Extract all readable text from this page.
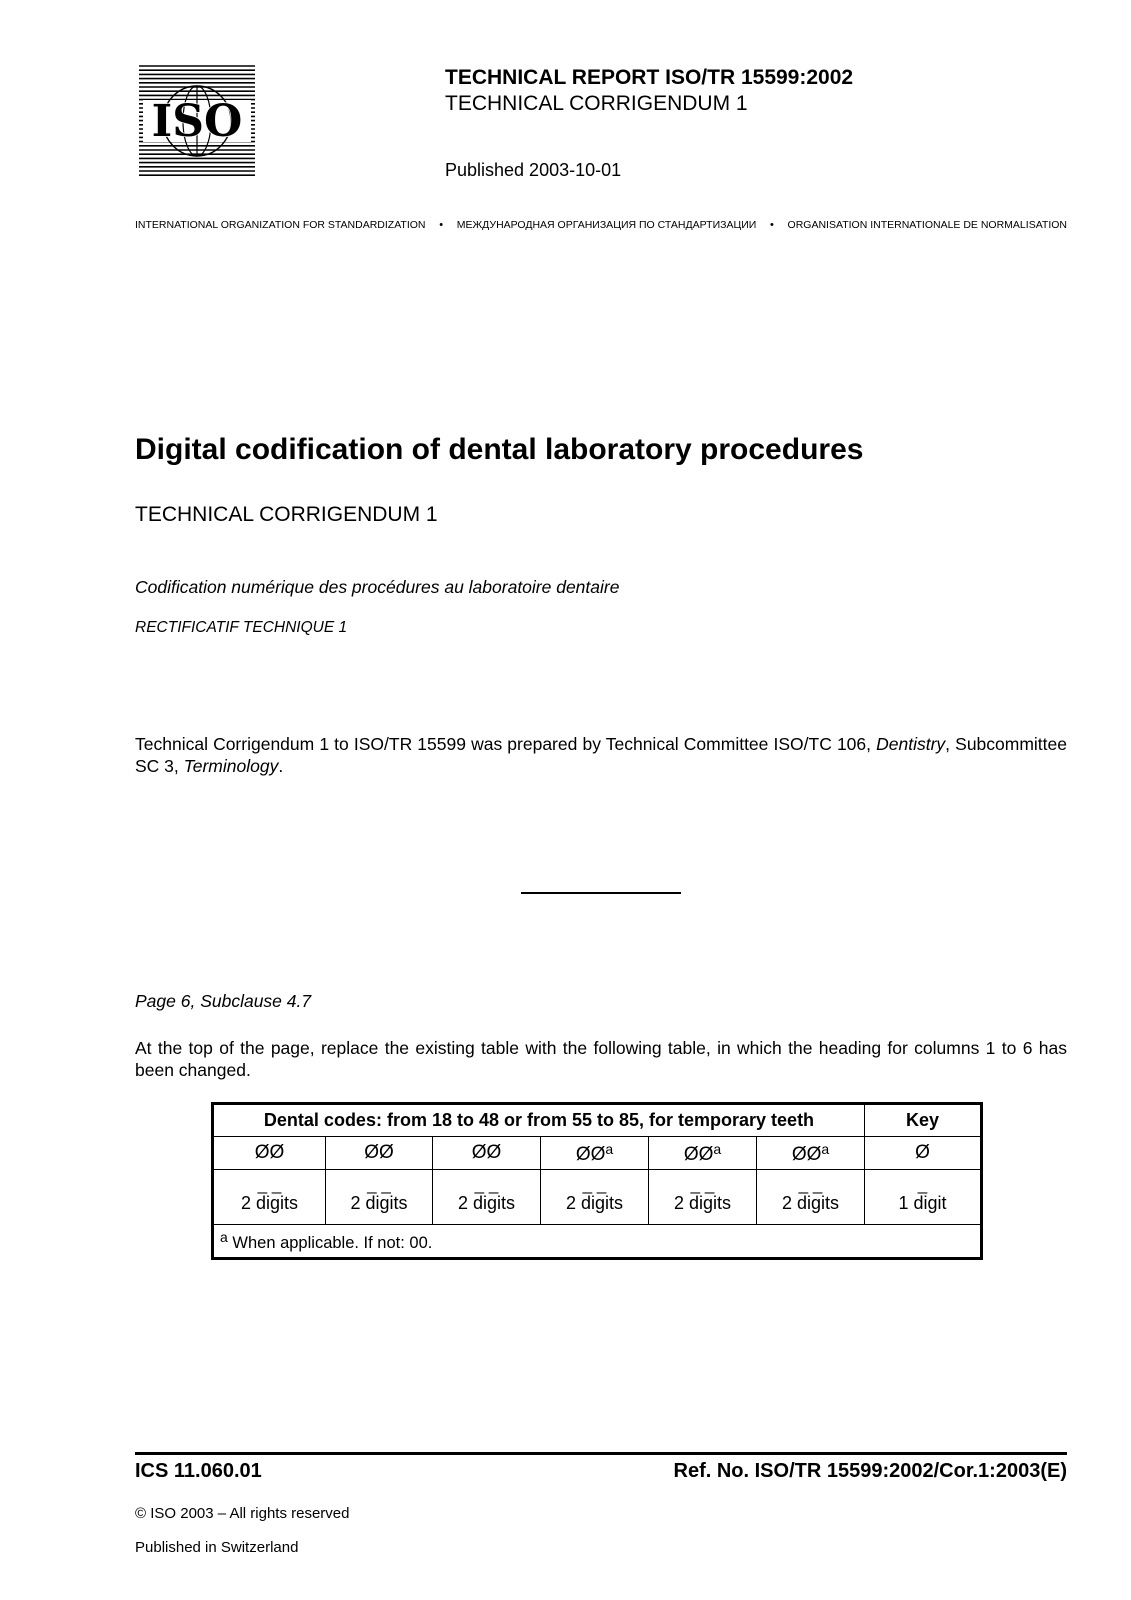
ISO
TECHNICAL REPORT ISO/TR 15599:2002
TECHNICAL CORRIGENDUM 1
Published 2003-10-01
INTERNATIONAL ORGANIZATION FOR STANDARDIZATION	•	МЕЖДУНАРОДНАЯ ОРГАНИЗАЦИЯ ПО СТАНДАРТИЗАЦИИ	•	ORGANISATION INTERNATIONALE DE NORMALISATION
Digital codification of dental laboratory procedures
TECHNICAL CORRIGENDUM 1
Codification numérique des procédures au laboratoire dentaire
RECTIFICATIF TECHNIQUE 1
Technical Corrigendum 1 to ISO/TR 15599 was prepared by Technical Committee ISO/TC 106, Dentistry, Subcommittee SC 3, Terminology.
Page 6, Subclause 4.7
At the top of the page, replace the existing table with the following table, in which the heading for columns 1 to 6 has been changed.
Dental codes: from 18 to 48 or from 55 to 85, for temporary teeth						Key
ØØ	ØØ	ØØ	$ØØ^a$	$ØØ^a$	$ØØ^a$	Ø
_ _	_ _	_ _	_ _	_ _	_ _	_
2 digits	2 digits	2 digits	2 digits	2 digits	2 digits	1 digit
$^a$ When applicable. If not: 00.						
ICS 11.060.01	Ref. No. ISO/TR 15599:2002/Cor.1:2003(E)
© ISO 2003 – All rights reserved
Published in Switzerland
